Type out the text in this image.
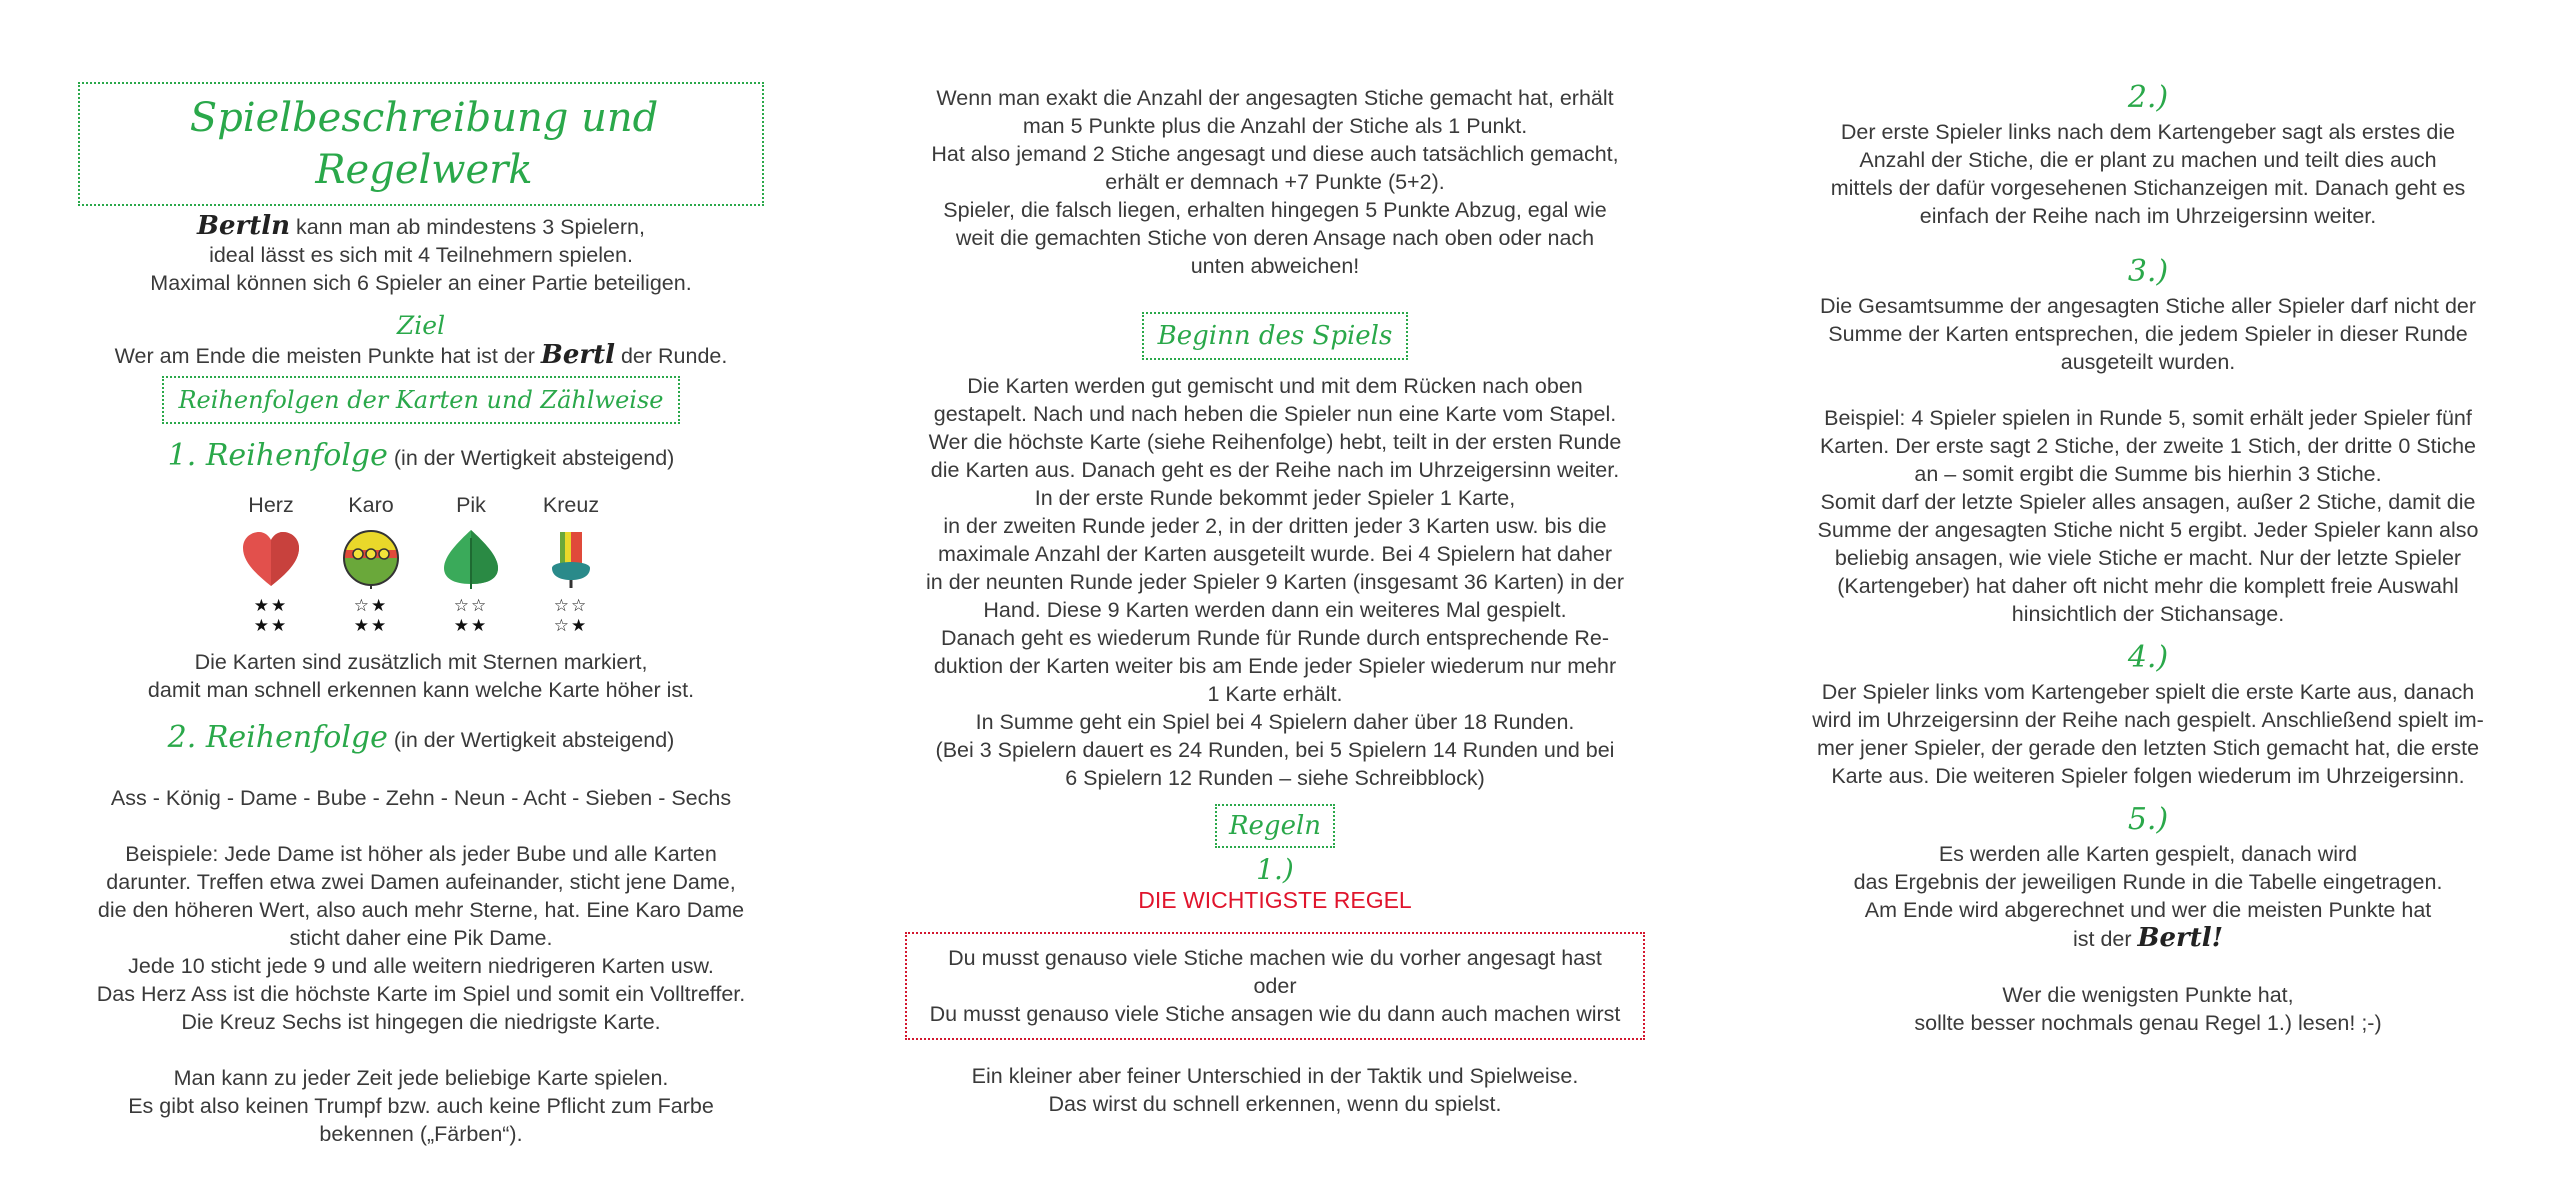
Spielbeschreibung und Regelwerk

Bertln kann man ab mindestens 3 Spielern,

ideal lässt es sich mit 4 Teilnehmern spielen.

Maximal können sich 6 Spieler an einer Partie beteiligen.

Ziel

Wer am Ende die meisten Punkte hat ist der Bertl der Runde.

Reihenfolgen der Karten und Zählweise
1. Reihenfolge (in der Wertigkeit absteigend)
Herz
★★
★★
Karo
☆★
★★
Pik
☆☆
★★
Kreuz
☆☆
☆★

Die Karten sind zusätzlich mit Sternen markiert,

damit man schnell erkennen kann welche Karte höher ist.

2. Reihenfolge (in der Wertigkeit absteigend)

Ass - König - Dame - Bube - Zehn - Neun - Acht - Sieben - Sechs

Beispiele: Jede Dame ist höher als jeder Bube und alle Karten

darunter. Treffen etwa zwei Damen aufeinander, sticht jene Dame,

die den höheren Wert, also auch mehr Sterne, hat. Eine Karo Dame

sticht daher eine Pik Dame.

Jede 10 sticht jede 9 und alle weitern niedrigeren Karten usw.

Das Herz Ass ist die höchste Karte im Spiel und somit ein Volltreffer.

Die Kreuz Sechs ist hingegen die niedrigste Karte.

Man kann zu jeder Zeit jede beliebige Karte spielen.

Es gibt also keinen Trumpf bzw. auch keine Pflicht zum Farbe

bekennen („Färben“).

Wenn man exakt die Anzahl der angesagten Stiche gemacht hat, erhält

man 5 Punkte plus die Anzahl der Stiche als 1 Punkt.

Hat also jemand 2 Stiche angesagt und diese auch tatsächlich gemacht,

erhält er demnach +7 Punkte (5+2).

Spieler, die falsch liegen, erhalten hingegen 5 Punkte Abzug, egal wie

weit die gemachten Stiche von deren Ansage nach oben oder nach

unten abweichen!

Beginn des Spiels

Die Karten werden gut gemischt und mit dem Rücken nach oben

gestapelt. Nach und nach heben die Spieler nun eine Karte vom Stapel.

Wer die höchste Karte (siehe Reihenfolge) hebt, teilt in der ersten Runde

die Karten aus. Danach geht es der Reihe nach im Uhrzeigersinn weiter.

In der erste Runde bekommt jeder Spieler 1 Karte,

in der zweiten Runde jeder 2, in der dritten jeder 3 Karten usw. bis die

maximale Anzahl der Karten ausgeteilt wurde. Bei 4 Spielern hat daher

in der neunten Runde jeder Spieler 9 Karten (insgesamt 36 Karten) in der

Hand. Diese 9 Karten werden dann ein weiteres Mal gespielt.

Danach geht es wiederum Runde für Runde durch entsprechende Re-

duktion der Karten weiter bis am Ende jeder Spieler wiederum nur mehr

1 Karte erhält.

In Summe geht ein Spiel bei 4 Spielern daher über 18 Runden.

(Bei 3 Spielern dauert es 24 Runden, bei 5 Spielern 14 Runden und bei

6 Spielern 12 Runden – siehe Schreibblock)

Regeln
1.)
DIE WICHTIGSTE REGEL

Du musst genauso viele Stiche machen wie du vorher angesagt hast

oder

Du musst genauso viele Stiche ansagen wie du dann auch machen wirst

Ein kleiner aber feiner Unterschied in der Taktik und Spielweise.

Das wirst du schnell erkennen, wenn du spielst.

2.)

Der erste Spieler links nach dem Kartengeber sagt als erstes die

Anzahl der Stiche, die er plant zu machen und teilt dies auch

mittels der dafür vorgesehenen Stichanzeigen mit. Danach geht es

einfach der Reihe nach im Uhrzeigersinn weiter.

3.)

Die Gesamtsumme der angesagten Stiche aller Spieler darf nicht der

Summe der Karten entsprechen, die jedem Spieler in dieser Runde

ausgeteilt wurden.

Beispiel: 4 Spieler spielen in Runde 5, somit erhält jeder Spieler fünf

Karten. Der erste sagt 2 Stiche, der zweite 1 Stich, der dritte 0 Stiche

an – somit ergibt die Summe bis hierhin 3 Stiche.

Somit darf der letzte Spieler alles ansagen, außer 2 Stiche, damit die

Summe der angesagten Stiche nicht 5 ergibt. Jeder Spieler kann also

beliebig ansagen, wie viele Stiche er macht. Nur der letzte Spieler

(Kartengeber) hat daher oft nicht mehr die komplett freie Auswahl

hinsichtlich der Stichansage.

4.)

Der Spieler links vom Kartengeber spielt die erste Karte aus, danach

wird im Uhrzeigersinn der Reihe nach gespielt. Anschließend spielt im-

mer jener Spieler, der gerade den letzten Stich gemacht hat, die erste

Karte aus. Die weiteren Spieler folgen wiederum im Uhrzeigersinn.

5.)

Es werden alle Karten gespielt, danach wird

das Ergebnis der jeweiligen Runde in die Tabelle eingetragen.

Am Ende wird abgerechnet und wer die meisten Punkte hat

ist der Bertl!

Wer die wenigsten Punkte hat,

sollte besser nochmals genau Regel 1.) lesen! ;-)
